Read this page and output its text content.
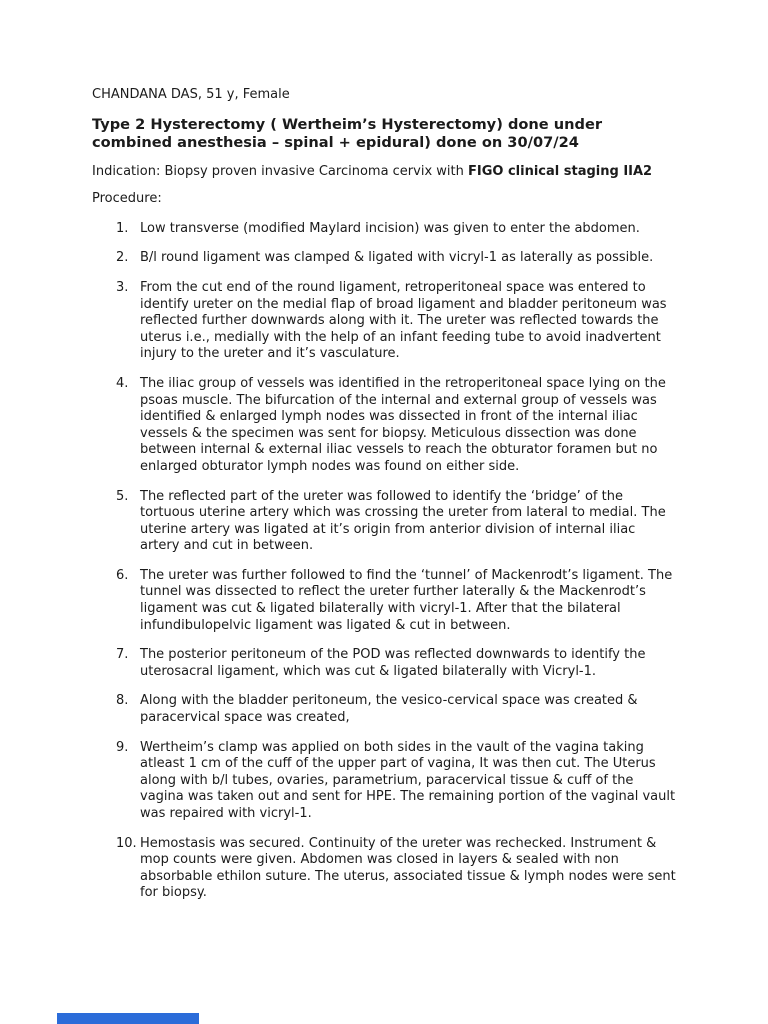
CHANDANA DAS, 51 y, Female

Type 2 Hysterectomy ( Wertheim’s Hysterectomy) done under combined anesthesia – spinal + epidural) done on 30/07/24

Indication: Biopsy proven invasive Carcinoma cervix with FIGO clinical staging IIA2

Procedure:

Low transverse (modified Maylard incision) was given to enter the abdomen.
B/l round ligament was clamped & ligated with vicryl-1 as laterally as possible.
From the cut end of the round ligament, retroperitoneal space was entered to identify ureter on the medial flap of broad ligament and bladder peritoneum was reflected further downwards along with it. The ureter was reflected towards the uterus i.e., medially with the help of an infant feeding tube to avoid inadvertent injury to the ureter and it’s vasculature.
The iliac group of vessels was identified in the retroperitoneal space lying on the psoas muscle. The bifurcation of the internal and external group of vessels was identified & enlarged lymph nodes was dissected in front of the internal iliac vessels & the specimen was sent for biopsy. Meticulous dissection was done between internal & external iliac vessels to reach the obturator foramen but no enlarged obturator lymph nodes was found on either side.
The reflected part of the ureter was followed to identify the ‘bridge’ of the tortuous uterine artery which was crossing the ureter from lateral to medial. The uterine artery was ligated at it’s origin from anterior division of internal iliac artery and cut in between.
The ureter was further followed to find the ‘tunnel’ of Mackenrodt’s ligament. The tunnel was dissected to reflect the ureter further laterally & the Mackenrodt’s ligament was cut & ligated bilaterally with vicryl-1. After that the bilateral infundibulopelvic ligament was ligated & cut in between.
The posterior peritoneum of the POD was reflected downwards to identify the uterosacral ligament, which was cut & ligated bilaterally with Vicryl-1.
Along with the bladder peritoneum, the vesico-cervical space was created & paracervical space was created,
Wertheim’s clamp was applied on both sides in the vault of the vagina taking atleast 1 cm of the cuff of the upper part of vagina, It was then cut. The Uterus along with b/l tubes, ovaries, parametrium, paracervical tissue & cuff of the vagina was taken out and sent for HPE. The remaining portion of the vaginal vault was repaired with vicryl-1.
Hemostasis was secured. Continuity of the ureter was rechecked. Instrument & mop counts were given. Abdomen was closed in layers & sealed with non absorbable ethilon suture. The uterus, associated tissue & lymph nodes were sent for biopsy.
